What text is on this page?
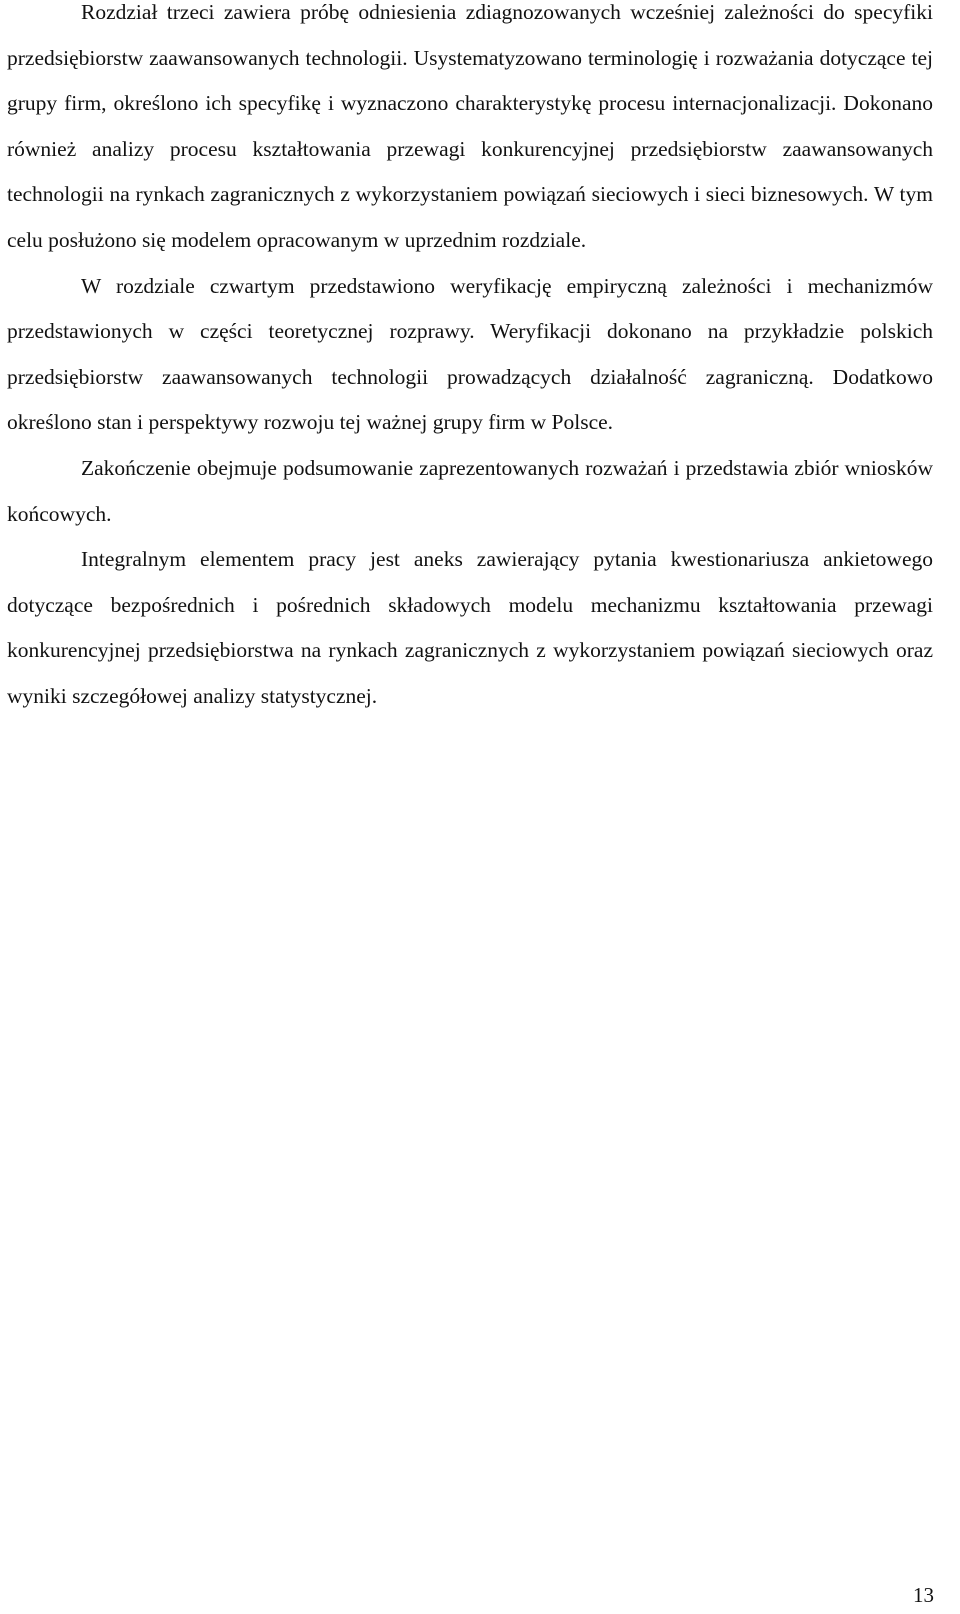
Rozdział trzeci zawiera próbę odniesienia zdiagnozowanych wcześniej zależności do specyfiki przedsiębiorstw zaawansowanych technologii. Usystematyzowano terminologię i rozważania dotyczące tej grupy firm, określono ich specyfikę i wyznaczono charakterystykę procesu internacjonalizacji. Dokonano również analizy procesu kształtowania przewagi konkurencyjnej przedsiębiorstw zaawansowanych technologii na rynkach zagranicznych z wykorzystaniem powiązań sieciowych i sieci biznesowych. W tym celu posłużono się modelem opracowanym w uprzednim rozdziale.

W rozdziale czwartym przedstawiono weryfikację empiryczną zależności i mechanizmów przedstawionych w części teoretycznej rozprawy. Weryfikacji dokonano na przykładzie polskich przedsiębiorstw zaawansowanych technologii prowadzących działalność zagraniczną. Dodatkowo określono stan i perspektywy rozwoju tej ważnej grupy firm w Polsce.

Zakończenie obejmuje podsumowanie zaprezentowanych rozważań i przedstawia zbiór wniosków końcowych.

Integralnym elementem pracy jest aneks zawierający pytania kwestionariusza ankietowego dotyczące bezpośrednich i pośrednich składowych modelu mechanizmu kształtowania przewagi konkurencyjnej przedsiębiorstwa na rynkach zagranicznych z wykorzystaniem powiązań sieciowych oraz wyniki szczegółowej analizy statystycznej.

13
